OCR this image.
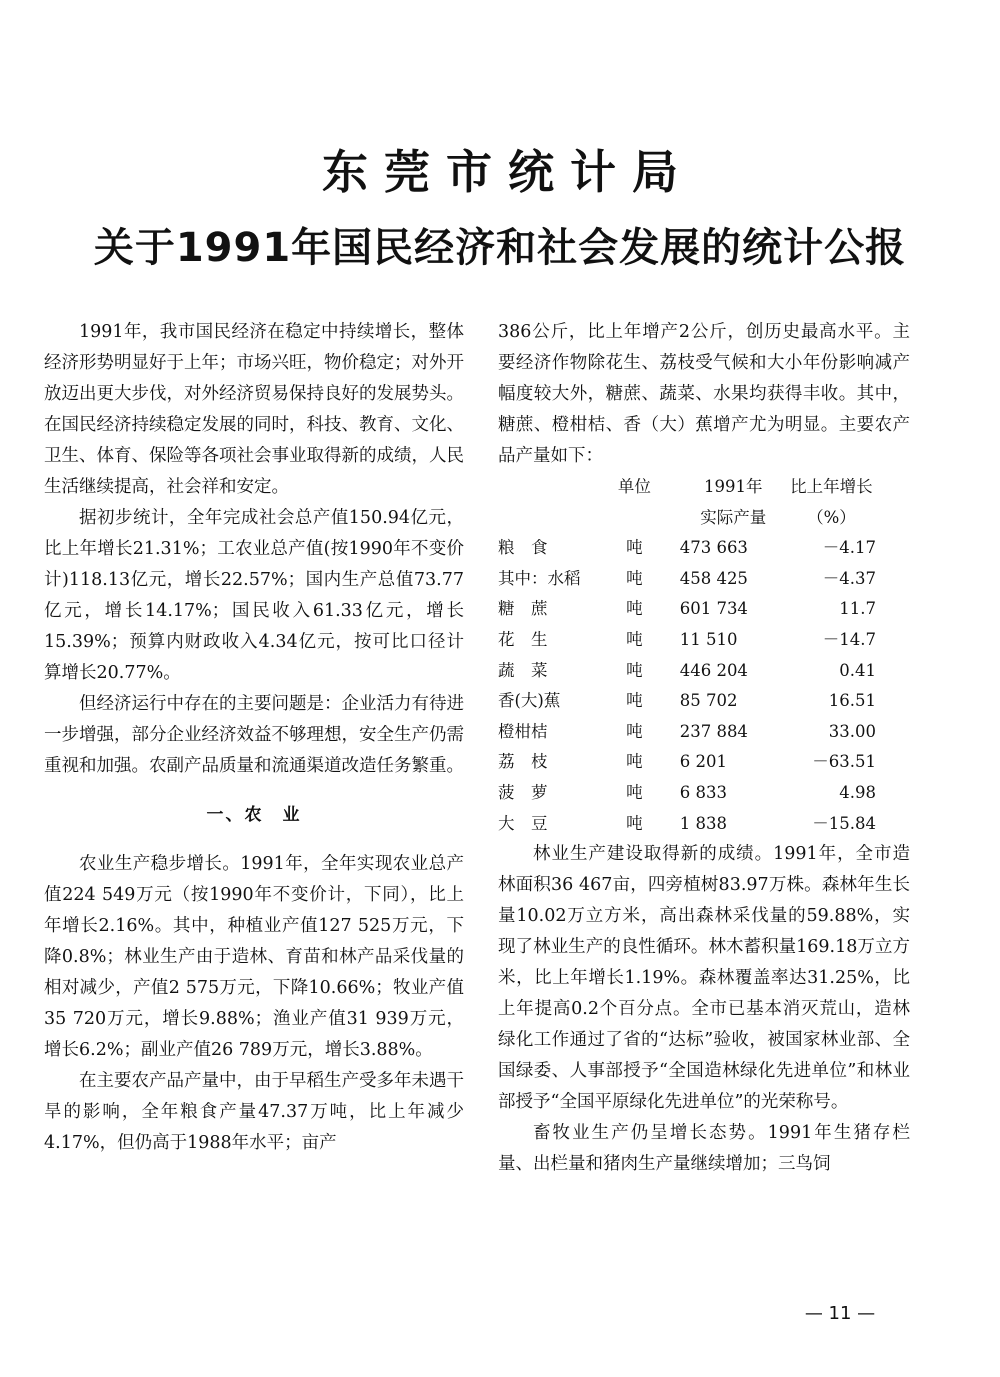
东莞市统计局
关于1991年国民经济和社会发展的统计公报

1991年，我市国民经济在稳定中持续增长，整体经济形势明显好于上年；市场兴旺，物价稳定；对外开放迈出更大步伐，对外经济贸易保持良好的发展势头。在国民经济持续稳定发展的同时，科技、教育、文化、卫生、体育、保险等各项社会事业取得新的成绩，人民生活继续提高，社会祥和安定。

据初步统计，全年完成社会总产值150.94亿元，比上年增长21.31%；工农业总产值(按1990年不变价计)118.13亿元，增长22.57%；国内生产总值73.77亿元，增长14.17%；国民收入61.33亿元，增长15.39%；预算内财政收入4.34亿元，按可比口径计算增长20.77%。

但经济运行中存在的主要问题是：企业活力有待进一步增强，部分企业经济效益不够理想，安全生产仍需重视和加强。农副产品质量和流通渠道改造任务繁重。

一、农　业

农业生产稳步增长。1991年，全年实现农业总产值224 549万元（按1990年不变价计，下同），比上年增长2.16%。其中，种植业产值127 525万元，下降0.8%；林业生产由于造林、育苗和林产品采伐量的相对减少，产值2 575万元，下降10.66%；牧业产值35 720万元，增长9.88%；渔业产值31 939万元，增长6.2%；副业产值26 789万元，增长3.88%。

在主要农产品产量中，由于早稻生产受多年未遇干旱的影响，全年粮食产量47.37万吨，比上年减少4.17%，但仍高于1988年水平；亩产

386公斤，比上年增产2公斤，创历史最高水平。主要经济作物除花生、荔枝受气候和大小年份影响减产幅度较大外，糖蔗、蔬菜、水果均获得丰收。其中，糖蔗、橙柑桔、香（大）蕉增产尤为明显。主要农产品产量如下：

	单位	1991年	比上年增长
		实际产量	（%）
粮　食	吨	473 663	－4.17
其中：水稻	吨	458 425	－4.37
糖　蔗	吨	601 734	11.7
花　生	吨	11 510	－14.7
蔬　菜	吨	446 204	0.41
香(大)蕉	吨	85 702	16.51
橙柑桔	吨	237 884	33.00
荔　枝	吨	6 201	－63.51
菠　萝	吨	6 833	4.98
大　豆	吨	1 838	－15.84

林业生产建设取得新的成绩。1991年，全市造林面积36 467亩，四旁植树83.97万株。森林年生长量10.02万立方米，高出森林采伐量的59.88%，实现了林业生产的良性循环。林木蓄积量169.18万立方米，比上年增长1.19%。森林覆盖率达31.25%，比上年提高0.2个百分点。全市已基本消灭荒山，造林绿化工作通过了省的“达标”验收，被国家林业部、全国绿委、人事部授予“全国造林绿化先进单位”和林业部授予“全国平原绿化先进单位”的光荣称号。

畜牧业生产仍呈增长态势。1991年生猪存栏量、出栏量和猪肉生产量继续增加；三鸟饲

— 11 —
